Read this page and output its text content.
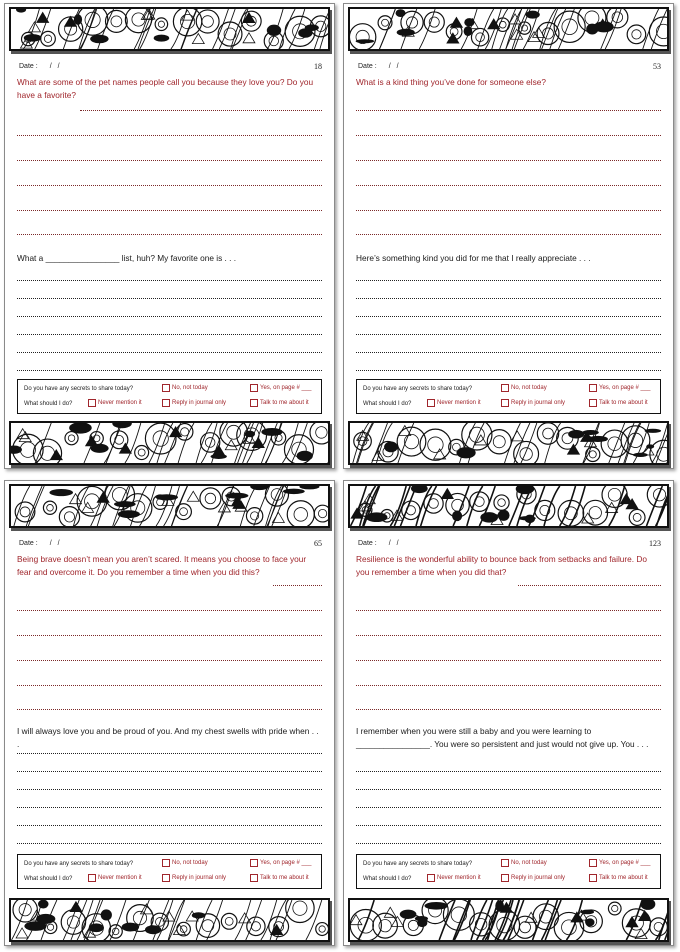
Date : / /	18
What are some of the pet names people call you because they love you? Do you have a favorite?
What a ________________ list, huh? My favorite one is . . .
Do you have any secrets to share today?	No, not today	Yes, on page # ___
What should I do?	Never mention it	Reply in journal only	Talk to me about it
Date : / /	53
What is a kind thing you’ve done for someone else?
Here’s something kind you did for me that I really appreciate . . .
Do you have any secrets to share today?	No, not today	Yes, on page # ___
What should I do?	Never mention it	Reply in journal only	Talk to me about it
Date : / /	65
Being brave doesn’t mean you aren’t scared. It means you choose to face your fear and overcome it. Do you remember a time when you did this?
I will always love you and be proud of you. And my chest swells with pride when . . .
Do you have any secrets to share today?	No, not today	Yes, on page # ___
What should I do?	Never mention it	Reply in journal only	Talk to me about it
Date : / /	123
Resilience is the wonderful ability to bounce back from setbacks and failure. Do you remember a time when you did that?
I remember when you were still a baby and you were learning to ________________. You were so persistent and just would not give up. You . . .
Do you have any secrets to share today?	No, not today	Yes, on page # ___
What should I do?	Never mention it	Reply in journal only	Talk to me about it
